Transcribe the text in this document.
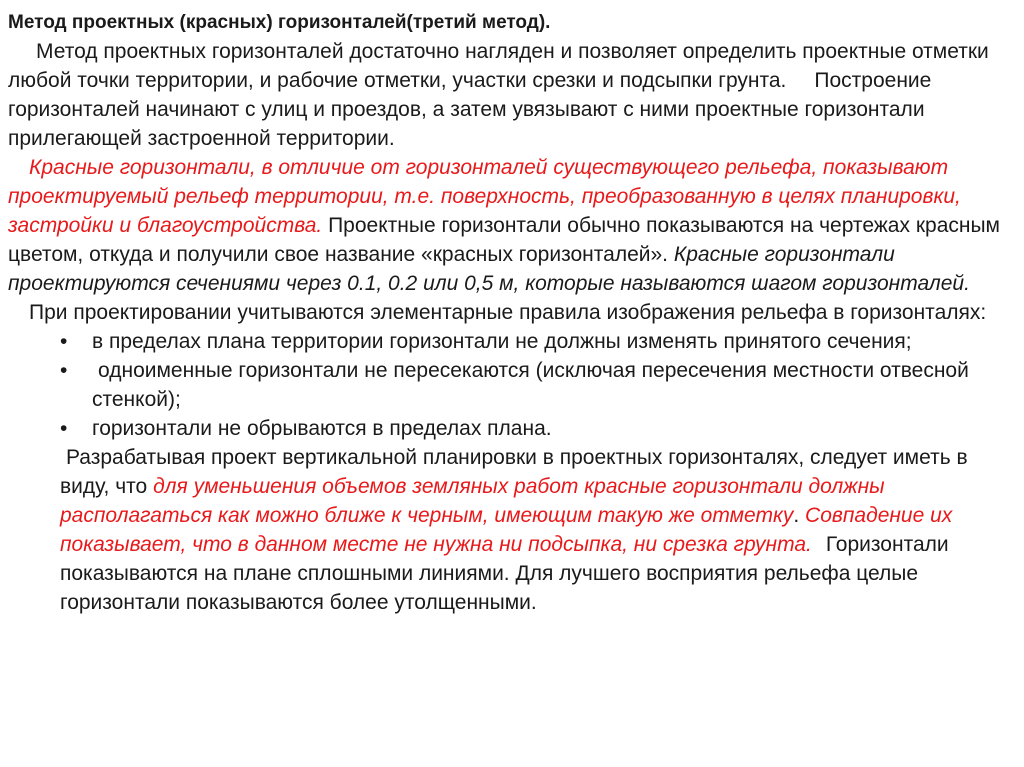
Метод проектных (красных) горизонталей(третий метод).

Метод проектных горизонталей достаточно нагляден и позволяет определить проектные отметки любой точки территории, и рабочие отметки, участки срезки и подсыпки грунта. Построение горизонталей начинают с улиц и проездов, а затем увязывают с ними проектные горизонтали прилегающей застроенной территории.

Красные горизонтали, в отличие от горизонталей существующего рельефа, показывают проектируемый рельеф территории, т.е. поверхность, преобразованную в целях планировки, застройки и благоустройства. Проектные горизонтали обычно показываются на чертежах красным цветом, откуда и получили свое название «красных горизонталей». Красные горизонтали проектируются сечениями через 0.1, 0.2 или 0,5 м, которые называются шагом горизонталей.

При проектировании учитываются элементарные правила изображения рельефа в горизонталях:

• в пределах плана территории горизонтали не должны изменять принятого сечения;
• одноименные горизонтали не пересекаются (исключая пересечения местности отвесной стенкой);
• горизонтали не обрываются в пределах плана.

Разрабатывая проект вертикальной планировки в проектных горизонталях, следует иметь в виду, что для уменьшения объемов земляных работ красные горизонтали должны располагаться как можно ближе к черным, имеющим такую же отметку. Совпадение их показывает, что в данном месте не нужна ни подсыпка, ни срезка грунта. Горизонтали показываются на плане сплошными линиями. Для лучшего восприятия рельефа целые горизонтали показываются более утолщенными.
